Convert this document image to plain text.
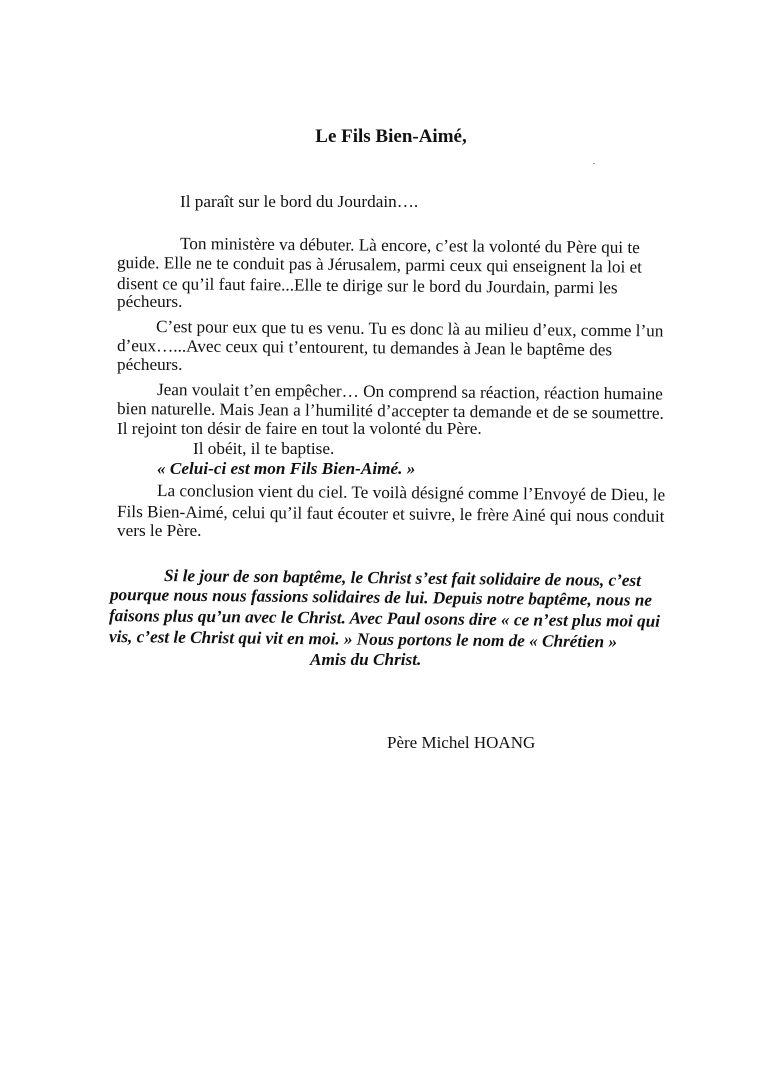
Le Fils Bien-Aimé,
Il paraît sur le bord du Jourdain….
Ton ministère va débuter. Là encore, c’est la volonté du Père qui te
guide. Elle ne te conduit pas à Jérusalem, parmi ceux qui enseignent la loi et
disent ce qu’il faut faire...Elle te dirige sur le bord du Jourdain, parmi les
pécheurs.
C’est pour eux que tu es venu. Tu es donc là au milieu d’eux, comme l’un
d’eux…...Avec ceux qui t’entourent, tu demandes à Jean le baptême des
pécheurs.
Jean voulait t’en empêcher… On comprend sa réaction, réaction humaine
bien naturelle. Mais Jean a l’humilité d’accepter ta demande et de se soumettre.
Il rejoint ton désir de faire en tout la volonté du Père.
Il obéit, il te baptise.
« Celui-ci est mon Fils Bien-Aimé. »
La conclusion vient du ciel. Te voilà désigné comme l’Envoyé de Dieu, le
Fils Bien-Aimé, celui qu’il faut écouter et suivre, le frère Ainé qui nous conduit
vers le Père.
Si le jour de son baptême, le Christ s’est fait solidaire de nous, c’est
pourque nous nous fassions solidaires de lui. Depuis notre baptême, nous ne
faisons plus qu’un avec le Christ. Avec Paul osons dire « ce n’est plus moi qui
vis, c’est le Christ qui vit en moi. » Nous portons le nom de « Chrétien »
Amis du Christ.
Père Michel HOANG
